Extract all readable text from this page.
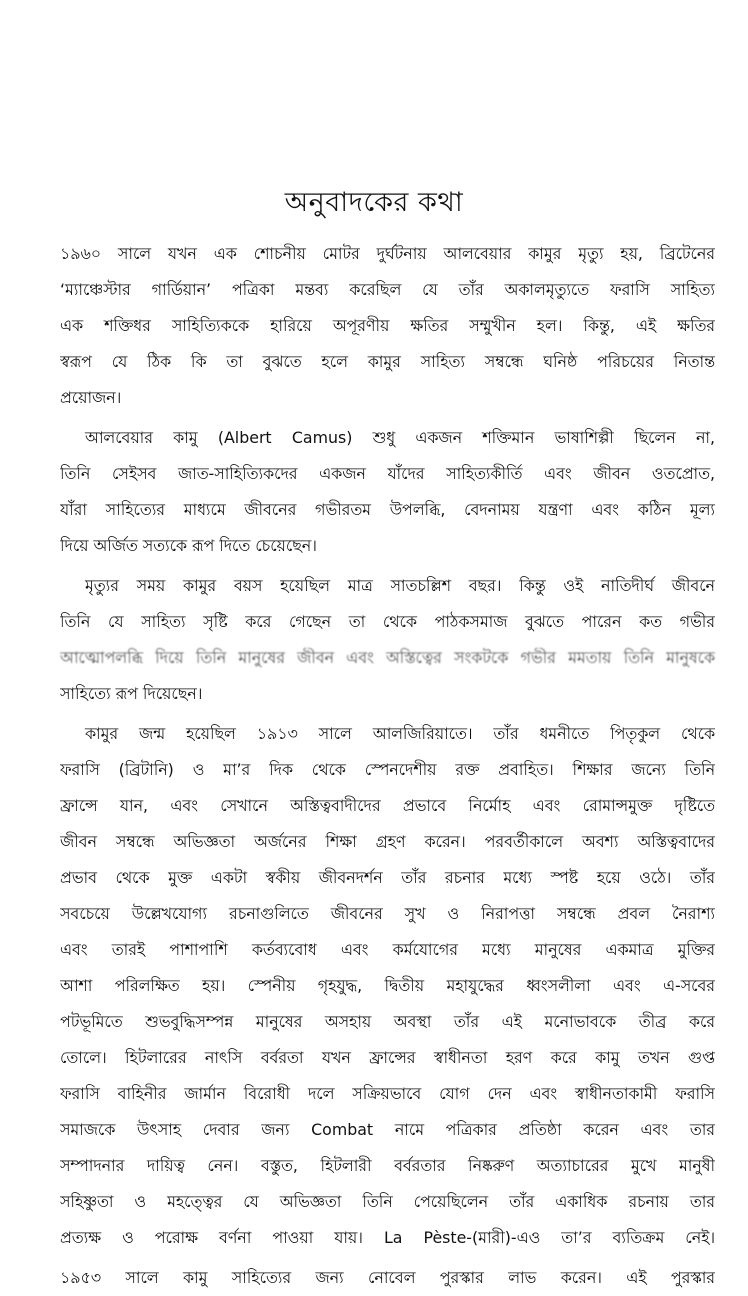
অনুবাদকের কথা
১৯৬০ সালে যখন এক শোচনীয় মোটর দুর্ঘটনায় আলবেয়ার কামুর মৃত্যু হয়, ব্রিটেনের
‘ম্যাঞ্চেস্টার গার্ডিয়ান’ পত্রিকা মন্তব্য করেছিল যে তাঁর অকালমৃত্যুতে ফরাসি সাহিত্য
এক শক্তিধর সাহিত্যিককে হারিয়ে অপূরণীয় ক্ষতির সম্মুখীন হল। কিন্তু, এই ক্ষতির
স্বরূপ যে ঠিক কি তা বুঝতে হলে কামুর সাহিত্য সম্বন্ধে ঘনিষ্ঠ পরিচয়ের নিতান্ত
প্রয়োজন।
আলবেয়ার কামু (Albert Camus) শুধু একজন শক্তিমান ভাষাশিল্পী ছিলেন না,
তিনি সেইসব জাত-সাহিত্যিকদের একজন যাঁদের সাহিত্যকীর্তি এবং জীবন ওতপ্রোত,
যাঁরা সাহিত্যের মাধ্যমে জীবনের গভীরতম উপলব্ধি, বেদনাময় যন্ত্রণা এবং কঠিন মূল্য
দিয়ে অর্জিত সত্যকে রূপ দিতে চেয়েছেন।
মৃত্যুর সময় কামুর বয়স হয়েছিল মাত্র সাতচল্লিশ বছর। কিন্তু ওই নাতিদীর্ঘ জীবনে
তিনি যে সাহিত্য সৃষ্টি করে গেছেন তা থেকে পাঠকসমাজ বুঝতে পারেন কত গভীর
আত্মোপলব্ধি দিয়ে তিনি মানুষের জীবন এবং অস্তিত্বের সংকটকে গভীর মমতায় তিনি মানুষকে
সাহিত্যে রূপ দিয়েছেন।
কামুর জন্ম হয়েছিল ১৯১৩ সালে আলজিরিয়াতে। তাঁর ধমনীতে পিতৃকুল থেকে
ফরাসি (ব্রিটানি) ও মা’র দিক থেকে স্পেনদেশীয় রক্ত প্রবাহিত। শিক্ষার জন্যে তিনি
ফ্রান্সে যান, এবং সেখানে অস্তিত্ববাদীদের প্রভাবে নির্মোহ এবং রোমান্সমুক্ত দৃষ্টিতে
জীবন সম্বন্ধে অভিজ্ঞতা অর্জনের শিক্ষা গ্রহণ করেন। পরবর্তীকালে অবশ্য অস্তিত্ববাদের
প্রভাব থেকে মুক্ত একটা স্বকীয় জীবনদর্শন তাঁর রচনার মধ্যে স্পষ্ট হয়ে ওঠে। তাঁর
সবচেয়ে উল্লেখযোগ্য রচনাগুলিতে জীবনের সুখ ও নিরাপত্তা সম্বন্ধে প্রবল নৈরাশ্য
এবং তারই পাশাপাশি কর্তব্যবোধ এবং কর্মযোগের মধ্যে মানুষের একমাত্র মুক্তির
আশা পরিলক্ষিত হয়। স্পেনীয় গৃহযুদ্ধ, দ্বিতীয় মহাযুদ্ধের ধ্বংসলীলা এবং এ-সবের
পটভূমিতে শুভবুদ্ধিসম্পন্ন মানুষের অসহায় অবস্থা তাঁর এই মনোভাবকে তীব্র করে
তোলে। হিটলারের নাৎসি বর্বরতা যখন ফ্রান্সের স্বাধীনতা হরণ করে কামু তখন গুপ্ত
ফরাসি বাহিনীর জার্মান বিরোধী দলে সক্রিয়ভাবে যোগ দেন এবং স্বাধীনতাকামী ফরাসি
সমাজকে উৎসাহ দেবার জন্য Combat নামে পত্রিকার প্রতিষ্ঠা করেন এবং তার
সম্পাদনার দায়িত্ব নেন। বস্তুত, হিটলারী বর্বরতার নিষ্করুণ অত্যাচারের মুখে মানুষী
সহিষ্ণুতা ও মহত্ত্বের যে অভিজ্ঞতা তিনি পেয়েছিলেন তাঁর একাধিক রচনায় তার
প্রত্যক্ষ ও পরোক্ষ বর্ণনা পাওয়া যায়। La Pèste-(মারী)-এও তা’র ব্যতিক্রম নেই।
১৯৫৩ সালে কামু সাহিত্যের জন্য নোবেল পুরস্কার লাভ করেন। এই পুরস্কার
